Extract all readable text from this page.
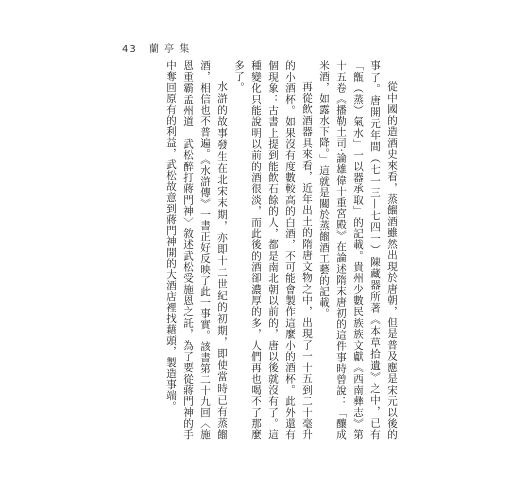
43 蘭 亭 集

從中國的造酒史來看，蒸餾酒雖然出現於唐朝，但是普及應是宋元以後的事了。唐開元年間（七一三—七四一）陳藏器所著《本草拾遺》之中，已有「甑（蒸）氣水」一以器承取」的記載。貴州少數民族族文獻《西南彝志》第十五卷《播勒土司·論雄偉十重宮殿》在論述隋末唐初的這件事時曾說：「釀成米酒，如露水下降。」這就是關於蒸餾酒工藝的記載。

再從飲酒器具來看，近年出土的隋唐文物之中，出現了一十五到二十毫升的小酒杯。如果沒有度數較高的白酒，不可能會製作這麼小的酒杯。此外還有個現象：古書上提到能飲石餘的人，都是南北朝以前的，唐以後就沒有了。這種變化只能說明以前的酒很淡，而此後的酒卻濃厚的多，人們再也喝不了那麼多了。

水滸的故事發生在北宋末期，亦即十二世紀的初期，即使當時已有蒸餾酒，相信也不普遍。《水滸傳》一書正好反映了此一事實。該書第二十九回〈施恩重霸孟州道　武松醉打蔣門神〉敘述武松受施恩之託，為了要從蔣門神的手中奪回原有的利益，武松故意到蔣門神開的大酒店裡找藉頭，製造事端。
